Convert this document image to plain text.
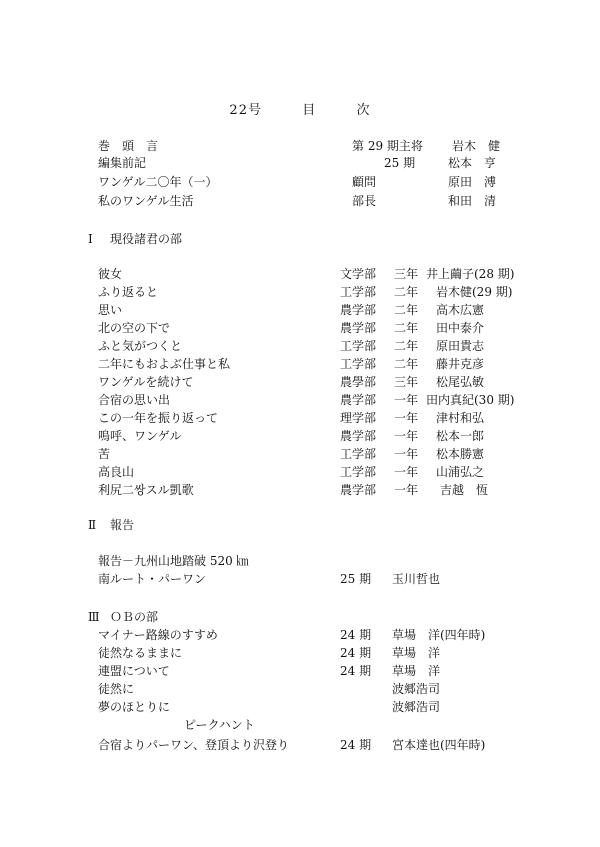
22号	目	次
巻　頭　言	第 29 期主将 岩木　健
編集前記	25 期	松本　亨
ワンゲル二〇年（一）	顧問	原田　溥
私のワンゲル生活	部長	和田　清
Ⅰ 現役諸君の部
彼女	文学部 三年 井上繭子(28 期)
ふり返ると	工学部 二年 岩木健(29 期)
思い	農学部 二年 高木広憲
北の空の下で	農学部 二年 田中泰介
ふと気がつくと	工学部 二年 原田貴志
二年にもおよぶ仕事と私	工学部 二年 藤井克彦
ワンゲルを続けて	農學部 三年 松尾弘敏
合宿の思い出	農学部 一年 田内真紀(30 期)
この一年を振り返って	理学部 一年 津村和弘
嗚呼、ワンゲル	農学部 一年 松本一郎
苦	工学部 一年 松本勝憲
高良山	工学部 一年 山浦弘之
利尻二쌍スル凱歌	農学部 一年 吉越　恆
Ⅱ 報告
報告－九州山地踏破 520 ㎞
南ルート・パーワン	25 期 玉川哲也
Ⅲ ＯＢの部
マイナー路線のすすめ	24 期 草場　洋(四年時)
徒然なるままに	24 期 草場　洋
連盟について	24 期 草場　洋
徒然に	波郷浩司
夢のほとりに	波郷浩司
ピークハント
合宿よりパーワン、登頂より沢登り	24 期 宮本達也(四年時)
